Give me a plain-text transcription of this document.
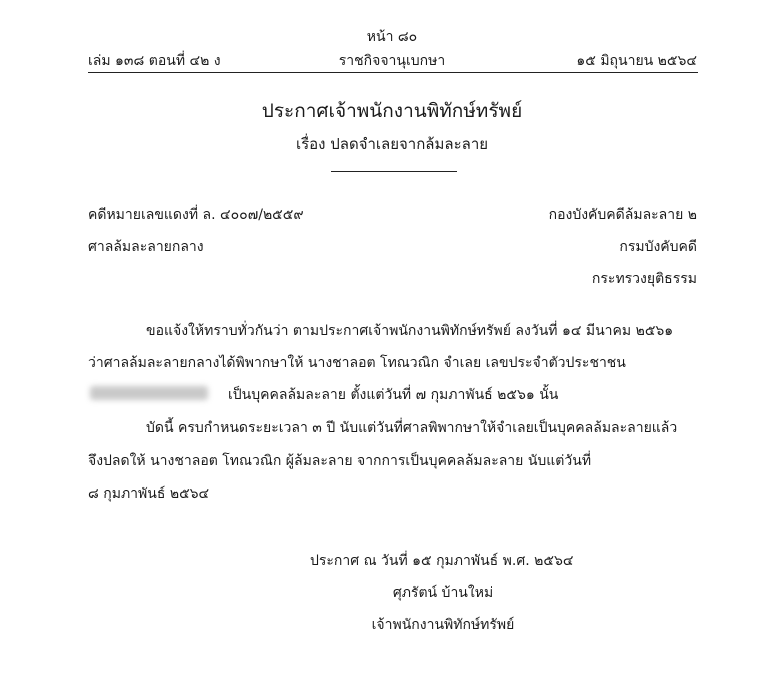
หน้า ๘๐
เล่ม ๑๓๘ ตอนที่ ๔๒ ง	ราชกิจจานุเบกษา	๑๕ มิถุนายน ๒๕๖๔
ประกาศเจ้าพนักงานพิทักษ์ทรัพย์
เรื่อง ปลดจำเลยจากล้มละลาย
คดีหมายเลขแดงที่ ล. ๔๐๐๗/๒๕๕๙	กองบังคับคดีล้มละลาย ๒
ศาลล้มละลายกลาง	กรมบังคับคดี
กระทรวงยุติธรรม
ขอแจ้งให้ทราบทั่วกันว่า ตามประกาศเจ้าพนักงานพิทักษ์ทรัพย์ ลงวันที่ ๑๔ มีนาคม ๒๕๖๑
ว่าศาลล้มละลายกลางได้พิพากษาให้ นางชาลอต โทณวณิก จำเลย เลขประจำตัวประชาชน
เป็นบุคคลล้มละลาย ตั้งแต่วันที่ ๗ กุมภาพันธ์ ๒๕๖๑ นั้น
บัดนี้ ครบกำหนดระยะเวลา ๓ ปี นับแต่วันที่ศาลพิพากษาให้จำเลยเป็นบุคคลล้มละลายแล้ว
จึงปลดให้ นางชาลอต โทณวณิก ผู้ล้มละลาย จากการเป็นบุคคลล้มละลาย นับแต่วันที่
๘ กุมภาพันธ์ ๒๕๖๔
ประกาศ ณ วันที่ ๑๕ กุมภาพันธ์ พ.ศ. ๒๕๖๔
ศุภรัตน์ บ้านใหม่
เจ้าพนักงานพิทักษ์ทรัพย์
